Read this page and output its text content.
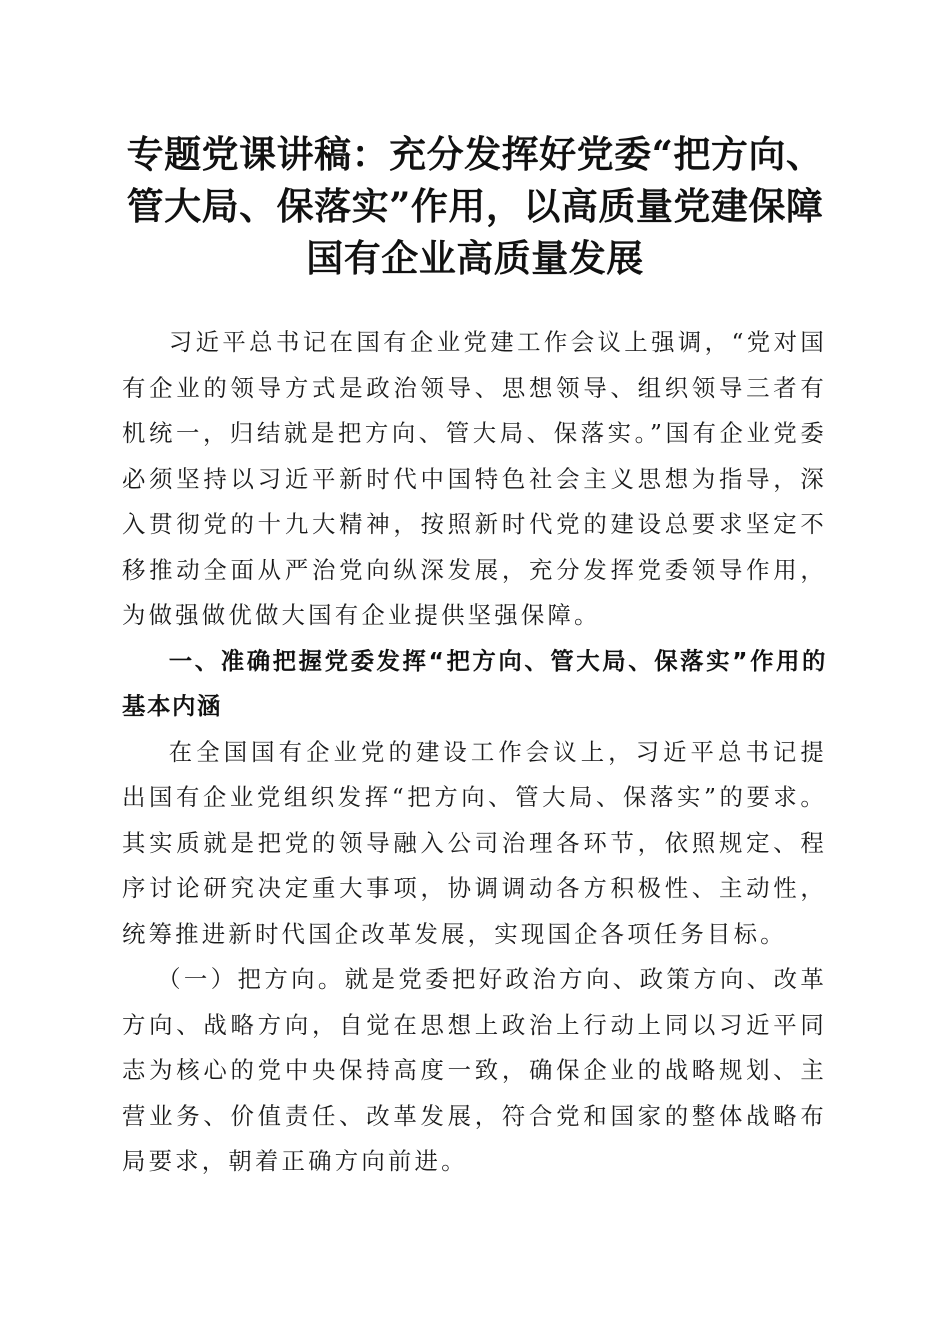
专题党课讲稿：充分发挥好党委“把方向、管大局、保落实”作用，以高质量党建保障国有企业高质量发展

习近平总书记在国有企业党建工作会议上强调，“党对国有企业的领导方式是政治领导、思想领导、组织领导三者有机统一，归结就是把方向、管大局、保落实。”国有企业党委必须坚持以习近平新时代中国特色社会主义思想为指导，深入贯彻党的十九大精神，按照新时代党的建设总要求坚定不移推动全面从严治党向纵深发展，充分发挥党委领导作用，为做强做优做大国有企业提供坚强保障。

一、准确把握党委发挥“把方向、管大局、保落实”作用的基本内涵

在全国国有企业党的建设工作会议上，习近平总书记提出国有企业党组织发挥“把方向、管大局、保落实”的要求。其实质就是把党的领导融入公司治理各环节，依照规定、程序讨论研究决定重大事项，协调调动各方积极性、主动性，统筹推进新时代国企改革发展，实现国企各项任务目标。

（一）把方向。就是党委把好政治方向、政策方向、改革方向、战略方向，自觉在思想上政治上行动上同以习近平同志为核心的党中央保持高度一致，确保企业的战略规划、主营业务、价值责任、改革发展，符合党和国家的整体战略布局要求，朝着正确方向前进。
